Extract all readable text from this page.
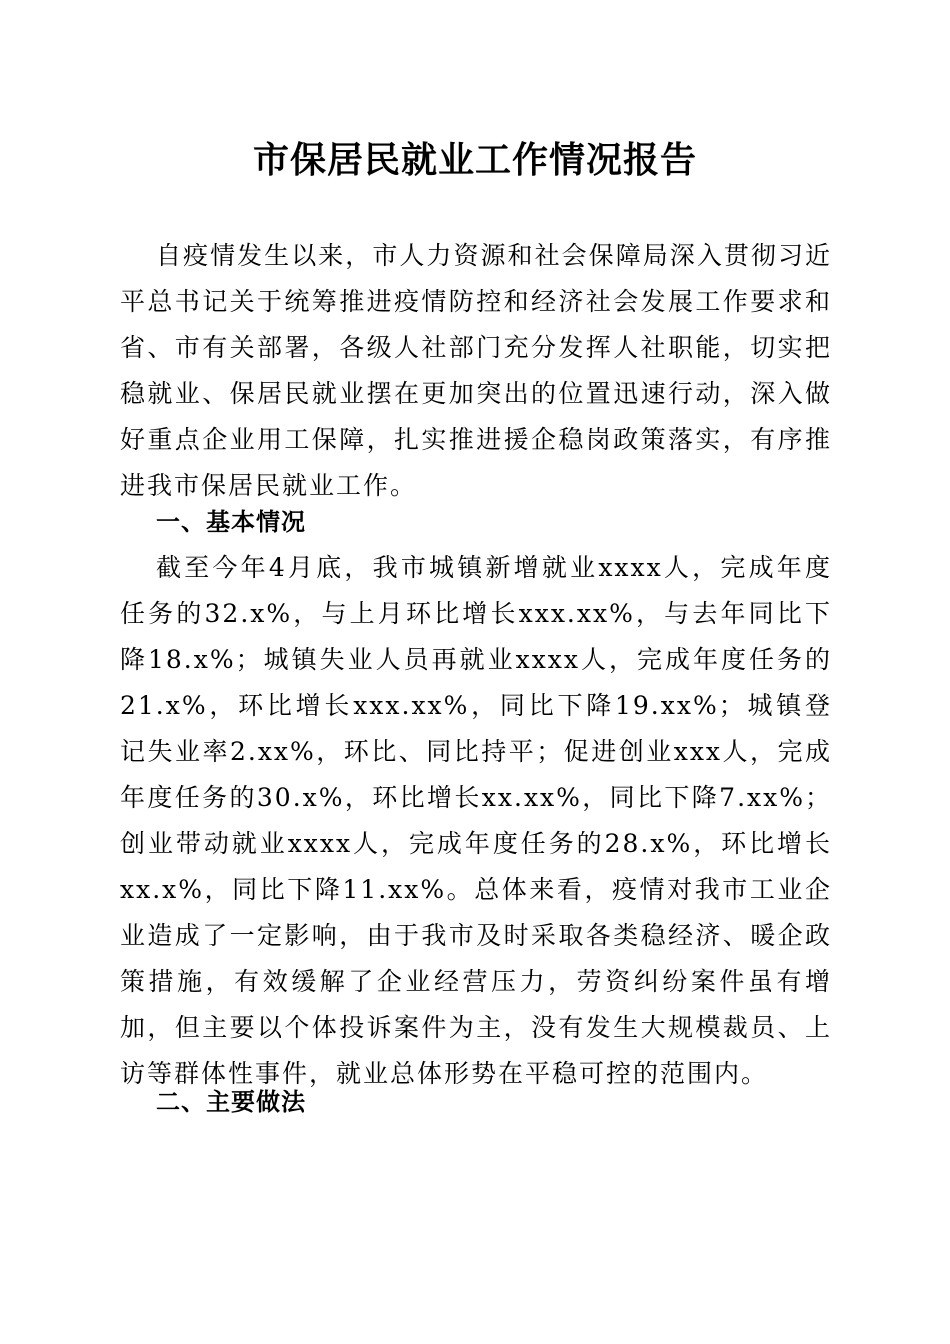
市保居民就业工作情况报告

自疫情发生以来，市人力资源和社会保障局深入贯彻习近平总书记关于统筹推进疫情防控和经济社会发展工作要求和省、市有关部署，各级人社部门充分发挥人社职能，切实把稳就业、保居民就业摆在更加突出的位置迅速行动，深入做好重点企业用工保障，扎实推进援企稳岗政策落实，有序推进我市保居民就业工作。

一、基本情况

截至今年4月底，我市城镇新增就业xxxx人，完成年度任务的32.x%，与上月环比增长xxx.xx%，与去年同比下降18.x%；城镇失业人员再就业xxxx人，完成年度任务的21.x%，环比增长xxx.xx%，同比下降19.xx%；城镇登记失业率2.xx%，环比、同比持平；促进创业xxx人，完成年度任务的30.x%，环比增长xx.xx%，同比下降7.xx%；创业带动就业xxxx人，完成年度任务的28.x%，环比增长xx.x%，同比下降11.xx%。总体来看，疫情对我市工业企业造成了一定影响，由于我市及时采取各类稳经济、暖企政策措施，有效缓解了企业经营压力，劳资纠纷案件虽有增加，但主要以个体投诉案件为主，没有发生大规模裁员、上访等群体性事件，就业总体形势在平稳可控的范围内。

二、主要做法
